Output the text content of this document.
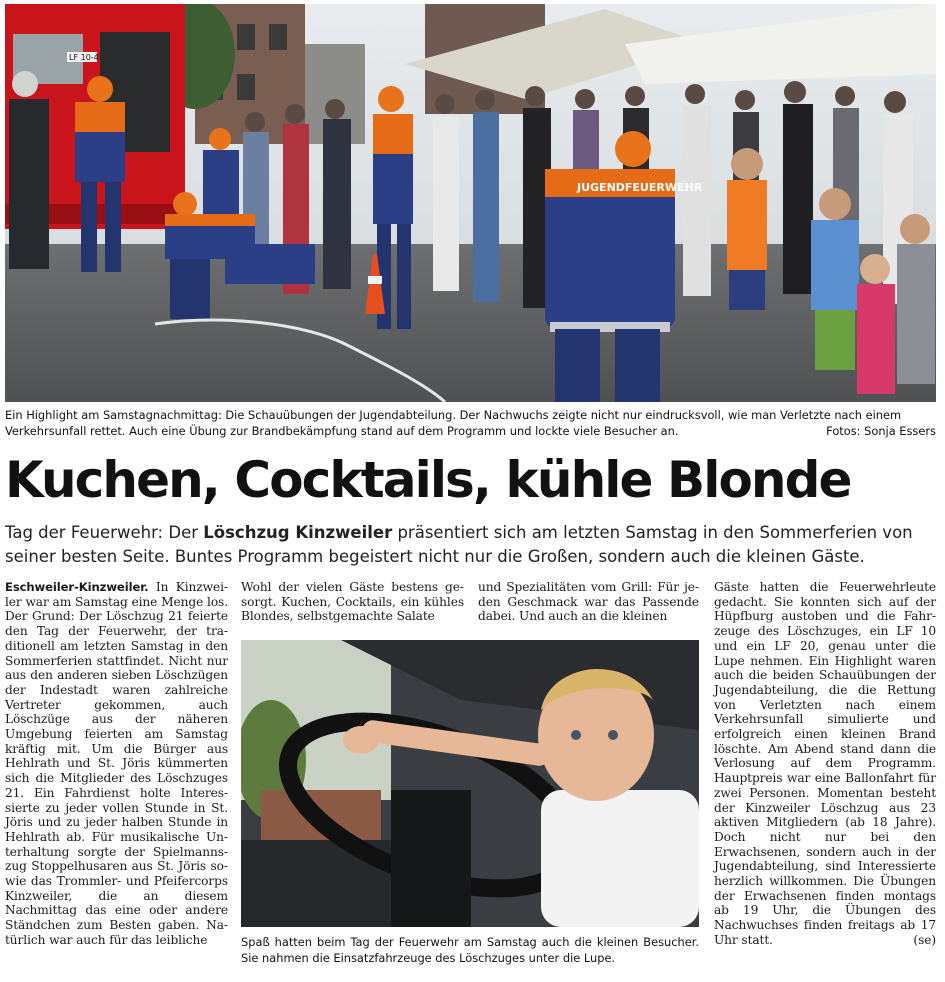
LF 10-4
JUGENDFEUERWEHR
Ein Highlight am Samstagnachmittag: Die Schauübungen der Jugendabteilung. Der Nachwuchs zeigte nicht nur eindrucksvoll, wie man Verletzte nach einem Verkehrsunfall rettet. Auch eine Übung zur Brandbekämpfung stand auf dem Programm und lockte viele Besucher an.	Fotos: Sonja Essers
Kuchen, Cocktails, kühle Blonde

Tag der Feuerwehr: Der Löschzug Kinzweiler präsentiert sich am letzten Samstag in den Sommerferien von seiner besten Seite. Buntes Programm begeistert nicht nur die Großen, sondern auch die kleinen Gäste.

Eschweiler-Kinzweiler. In Kinzweiler war am Samstag eine Menge los. Der Grund: Der Löschzug 21 feierte den Tag der Feuerwehr, der traditionell am letzten Samstag in den Sommerferien stattfindet. Nicht nur aus den anderen sieben Löschzügen der Indestadt waren zahlreiche Vertreter gekommen, auch Löschzüge aus der näheren Umgebung feierten am Samstag kräftig mit. Um die Bürger aus Hehlrath und St. Jöris kümmerten sich die Mitglieder des Löschzuges 21. Ein Fahrdienst holte Interessierte zu jeder vollen Stunde in St. Jöris und zu jeder halben Stunde in Hehlrath ab. Für musikalische Unterhaltung sorgte der Spielmannszug Stoppelhusaren aus St. Jöris sowie das Trommler- und Pfeifercorps Kinzweiler, die an diesem Nachmittag das eine oder andere Ständchen zum Besten gaben. Natürlich war auch für das leibliche

Wohl der vielen Gäste bestens gesorgt. Kuchen, Cocktails, ein kühles Blondes, selbstgemachte Salate

und Spezialitäten vom Grill: Für jeden Geschmack war das Passende dabei. Und auch an die kleinen

Gäste hatten die Feuerwehrleute gedacht. Sie konnten sich auf der Hüpfburg austoben und die Fahrzeuge des Löschzuges, ein LF 10 und ein LF 20, genau unter die Lupe nehmen. Ein Highlight waren auch die beiden Schauübungen der Jugendabteilung, die die Rettung von Verletzten nach einem Verkehrsunfall simulierte und erfolgreich einen kleinen Brand löschte. Am Abend stand dann die Verlosung auf dem Programm. Hauptpreis war eine Ballonfahrt für zwei Personen. Momentan besteht der Kinzweiler Löschzug aus 23 aktiven Mitgliedern (ab 18 Jahre). Doch nicht nur bei den Erwachsenen, sondern auch in der Jugendabteilung, sind Interessierte herzlich willkommen. Die Übungen der Erwachsenen finden montags ab 19 Uhr, die Übungen des Nachwuchses finden freitags ab 17 Uhr statt.	(se)

Spaß hatten beim Tag der Feuerwehr am Samstag auch die kleinen Besucher. Sie nahmen die Einsatzfahrzeuge des Löschzuges unter die Lupe.
